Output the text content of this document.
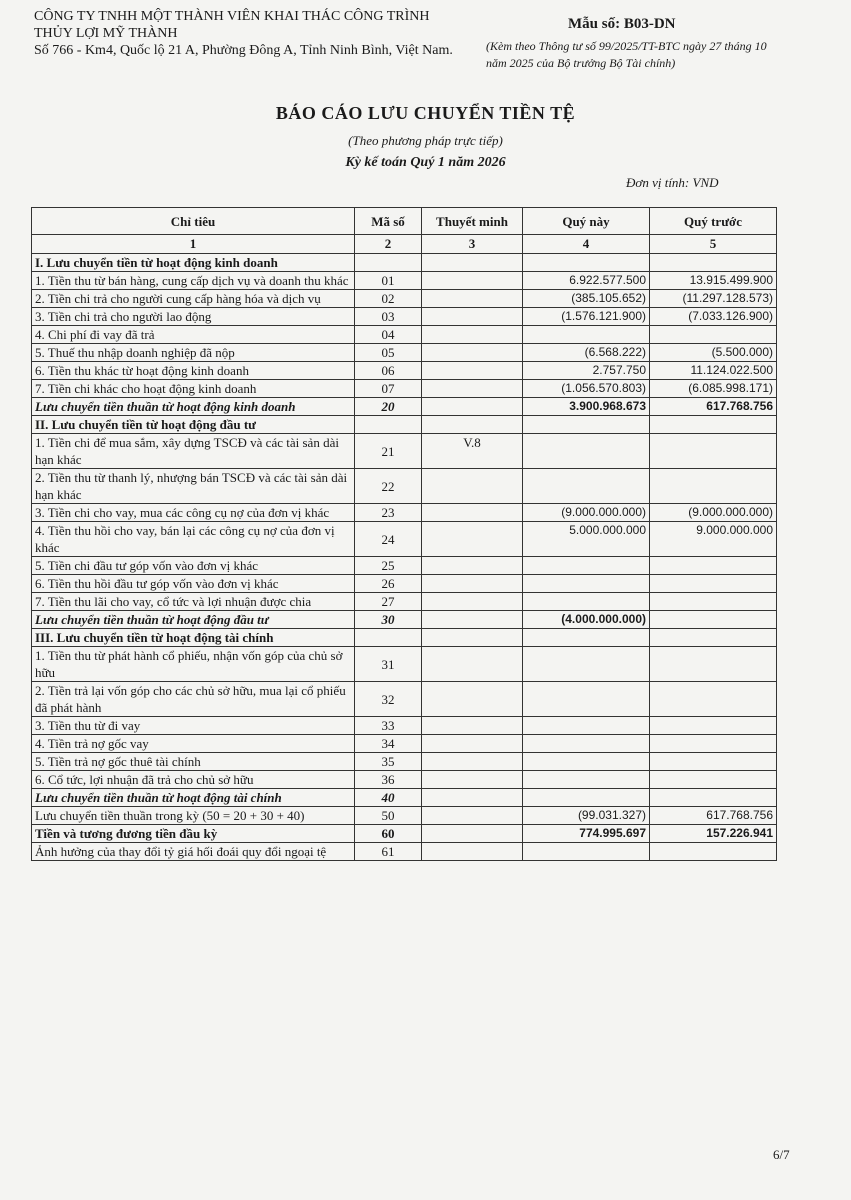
CÔNG TY TNHH MỘT THÀNH VIÊN KHAI THÁC CÔNG TRÌNH
THỦY LỢI MỸ THÀNH
Số 766 - Km4, Quốc lộ 21 A, Phường Đông A, Tỉnh Ninh Bình, Việt Nam.
Mẫu số: B03-DN
(Kèm theo Thông tư số 99/2025/TT-BTC ngày 27 tháng 10 năm 2025 của Bộ trưởng Bộ Tài chính)
BÁO CÁO LƯU CHUYỂN TIỀN TỆ
(Theo phương pháp trực tiếp)
Kỳ kế toán Quý 1 năm 2026
Đơn vị tính: VND
Chỉ tiêu	Mã số	Thuyết minh	Quý này	Quý trước
1	2	3	4	5
I. Lưu chuyển tiền từ hoạt động kinh doanh				
1. Tiền thu từ bán hàng, cung cấp dịch vụ và doanh thu khác	01		6.922.577.500	13.915.499.900
2. Tiền chi trả cho người cung cấp hàng hóa và dịch vụ	02		(385.105.652)	(11.297.128.573)
3. Tiền chi trả cho người lao động	03		(1.576.121.900)	(7.033.126.900)
4. Chi phí đi vay đã trả	04			
5. Thuế thu nhập doanh nghiệp đã nộp	05		(6.568.222)	(5.500.000)
6. Tiền thu khác từ hoạt động kinh doanh	06		2.757.750	11.124.022.500
7. Tiền chi khác cho hoạt động kinh doanh	07		(1.056.570.803)	(6.085.998.171)
Lưu chuyển tiền thuần từ hoạt động kinh doanh	20		3.900.968.673	617.768.756
II. Lưu chuyển tiền từ hoạt động đầu tư				
1. Tiền chi để mua sắm, xây dựng TSCĐ và các tài sản dài hạn khác	21	V.8		
2. Tiền thu từ thanh lý, nhượng bán TSCĐ và các tài sản dài hạn khác	22			
3. Tiền chi cho vay, mua các công cụ nợ của đơn vị khác	23		(9.000.000.000)	(9.000.000.000)
4. Tiền thu hồi cho vay, bán lại các công cụ nợ của đơn vị khác	24		5.000.000.000	9.000.000.000
5. Tiền chi đầu tư góp vốn vào đơn vị khác	25			
6. Tiền thu hồi đầu tư góp vốn vào đơn vị khác	26			
7. Tiền thu lãi cho vay, cổ tức và lợi nhuận được chia	27			
Lưu chuyển tiền thuần từ hoạt động đầu tư	30		(4.000.000.000)	
III. Lưu chuyển tiền từ hoạt động tài chính				
1. Tiền thu từ phát hành cổ phiếu, nhận vốn góp của chủ sở hữu	31			
2. Tiền trả lại vốn góp cho các chủ sở hữu, mua lại cổ phiếu đã phát hành	32			
3. Tiền thu từ đi vay	33			
4. Tiền trả nợ gốc vay	34			
5. Tiền trả nợ gốc thuê tài chính	35			
6. Cổ tức, lợi nhuận đã trả cho chủ sở hữu	36			
Lưu chuyển tiền thuần từ hoạt động tài chính	40			
Lưu chuyển tiền thuần trong kỳ (50 = 20 + 30 + 40)	50		(99.031.327)	617.768.756
Tiền và tương đương tiền đầu kỳ	60		774.995.697	157.226.941
Ảnh hưởng của thay đổi tỷ giá hối đoái quy đổi ngoại tệ	61			
6/7
